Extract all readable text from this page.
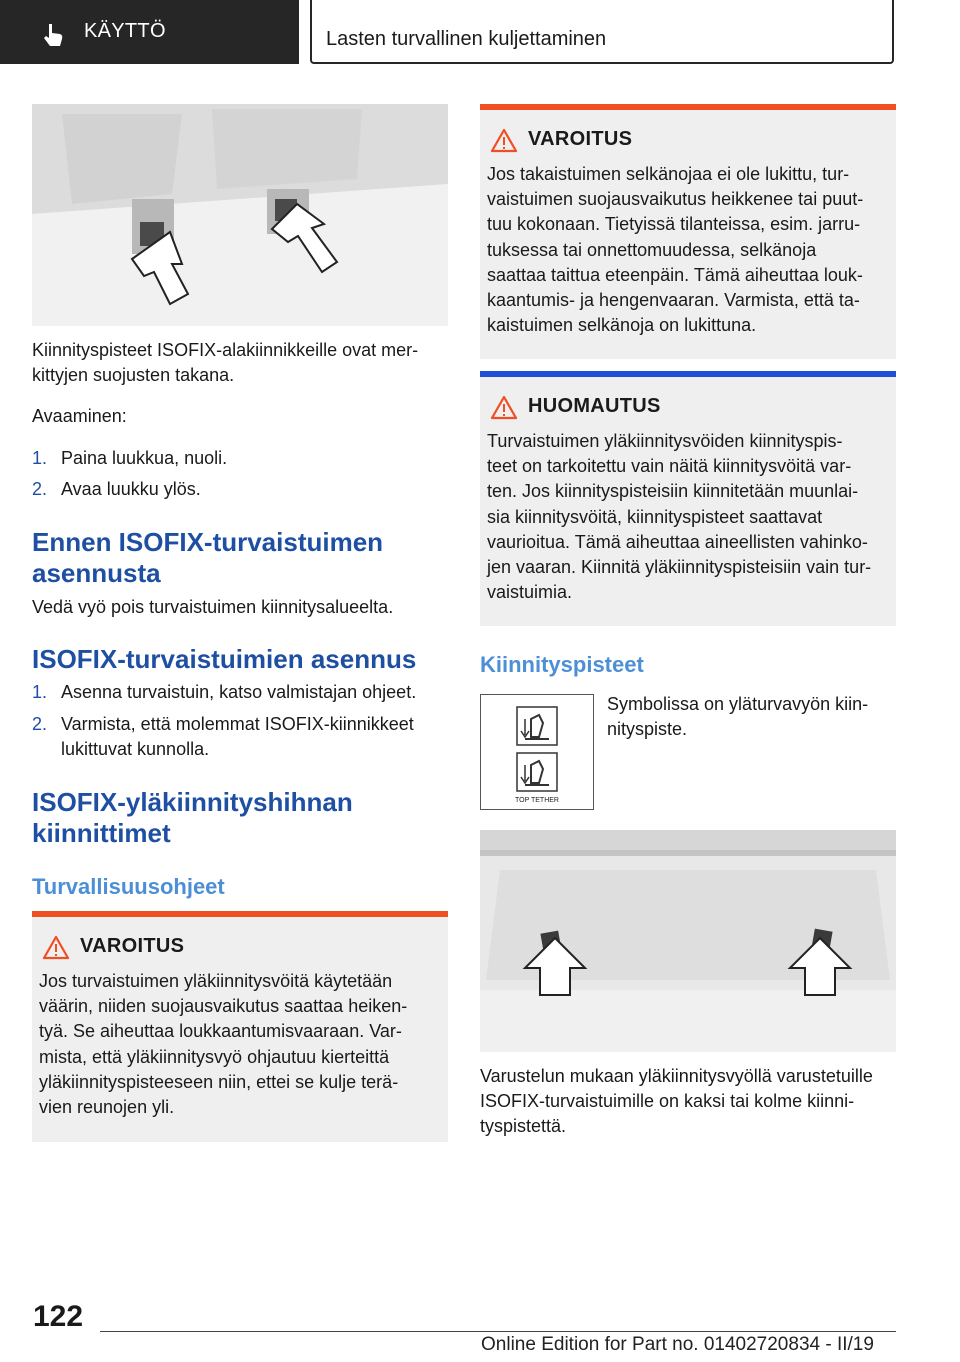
KÄYTTÖ	Lasten turvallinen kuljettaminen

Kiinnityspisteet ISOFIX-alakiinnikkeille ovat mer-
kittyjen suojusten takana.

Avaaminen:

1. Paina luukkua, nuoli.
2. Avaa luukku ylös.
Ennen ISOFIX-turvaistuimen
asennusta

Vedä vyö pois turvaistuimen kiinnitysalueelta.

ISOFIX-turvaistuimien asennus
1. Asenna turvaistuin, katso valmistajan ohjeet.
2. Varmista, että molemmat ISOFIX-kiinnikkeet
lukittuvat kunnolla.
ISOFIX-yläkiinnityshihnan
kiinnittimet
Turvallisuusohjeet
VAROITUS
Jos turvaistuimen yläkiinnitysvöitä käytetään
väärin, niiden suojausvaikutus saattaa heiken-
tyä. Se aiheuttaa loukkaantumisvaaraan. Var-
mista, että yläkiinnitysvyö ohjautuu kierteittä
yläkiinnityspisteeseen niin, ettei se kulje terä-
vien reunojen yli.
VAROITUS
Jos takaistuimen selkänojaa ei ole lukittu, tur-
vaistuimen suojausvaikutus heikkenee tai puut-
tuu kokonaan. Tietyissä tilanteissa, esim. jarru-
tuksessa tai onnettomuudessa, selkänoja
saattaa taittua eteenpäin. Tämä aiheuttaa louk-
kaantumis- ja hengenvaaran. Varmista, että ta-
kaistuimen selkänoja on lukittuna.
HUOMAUTUS
Turvaistuimen yläkiinnitysvöiden kiinnityspis-
teet on tarkoitettu vain näitä kiinnitysvöitä var-
ten. Jos kiinnityspisteisiin kiinnitetään muunlai-
sia kiinnitysvöitä, kiinnityspisteet saattavat
vaurioitua. Tämä aiheuttaa aineellisten vahinko-
jen vaaran. Kiinnitä yläkiinnityspisteisiin vain tur-
vaistuimia.
Kiinnityspisteet
TOP TETHER

Symbolissa on yläturvavyön kiin-
nityspiste.

Varustelun mukaan yläkiinnitysvyöllä varustetuille
ISOFIX-turvaistuimille on kaksi tai kolme kiinni-
tyspistettä.

122
Online Edition for Part no. 01402720834 - II/19
